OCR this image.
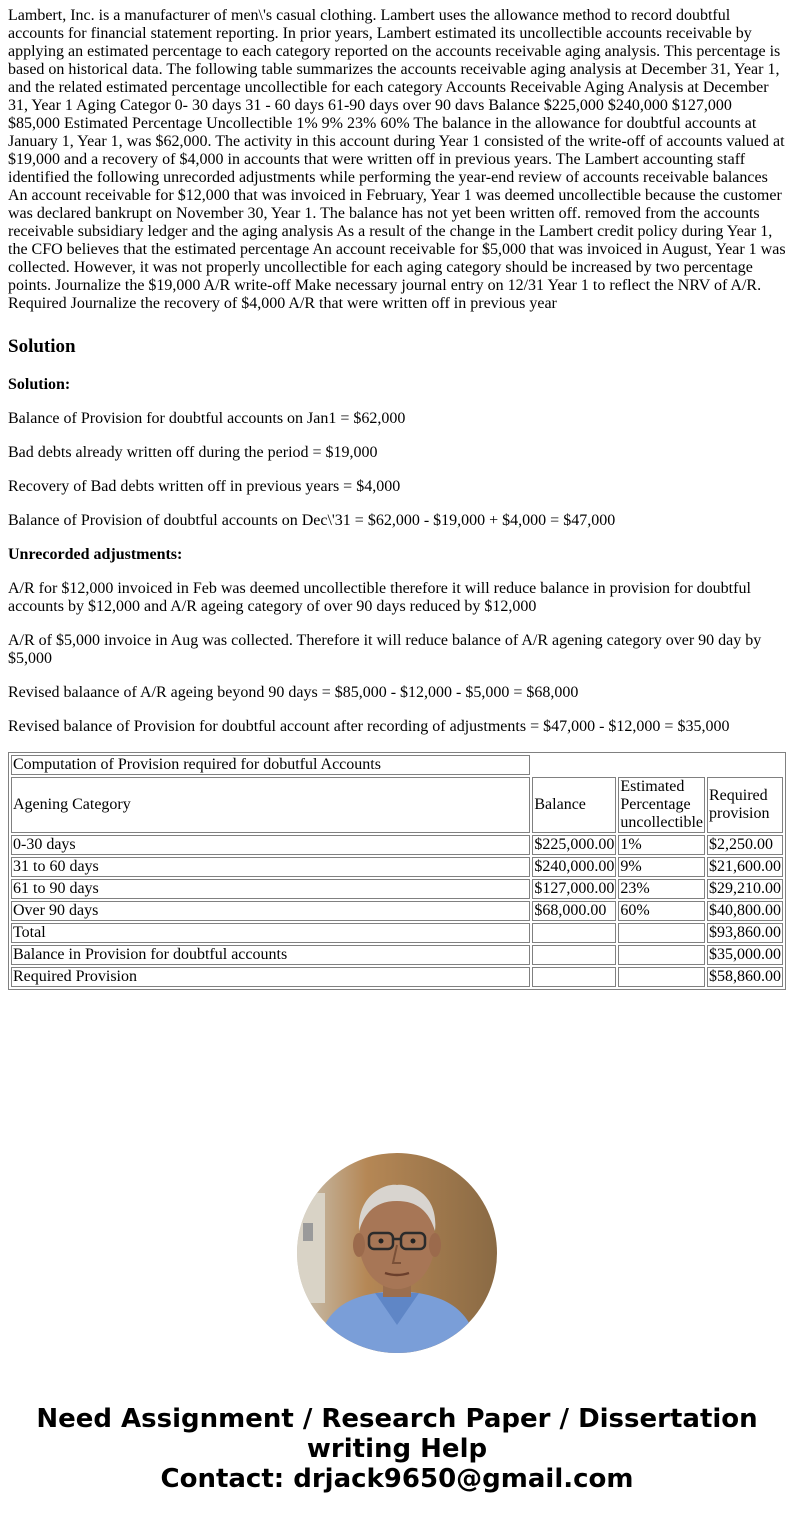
Lambert, Inc. is a manufacturer of men\'s casual clothing. Lambert uses the allowance method to record doubtful accounts for financial statement reporting. In prior years, Lambert estimated its uncollectible accounts receivable by applying an estimated percentage to each category reported on the accounts receivable aging analysis. This percentage is based on historical data. The following table summarizes the accounts receivable aging analysis at December 31, Year 1, and the related estimated percentage uncollectible for each category Accounts Receivable Aging Analysis at December 31, Year 1 Aging Categor 0- 30 days 31 - 60 days 61-90 days over 90 davs Balance $225,000 $240,000 $127,000 $85,000 Estimated Percentage Uncollectible 1% 9% 23% 60% The balance in the allowance for doubtful accounts at January 1, Year 1, was $62,000. The activity in this account during Year 1 consisted of the write-off of accounts valued at $19,000 and a recovery of $4,000 in accounts that were written off in previous years. The Lambert accounting staff identified the following unrecorded adjustments while performing the year-end review of accounts receivable balances An account receivable for $12,000 that was invoiced in February, Year 1 was deemed uncollectible because the customer was declared bankrupt on November 30, Year 1. The balance has not yet been written off. removed from the accounts receivable subsidiary ledger and the aging analysis As a result of the change in the Lambert credit policy during Year 1, the CFO believes that the estimated percentage An account receivable for $5,000 that was invoiced in August, Year 1 was collected. However, it was not properly uncollectible for each aging category should be increased by two percentage points. Journalize the $19,000 A/R write-off Make necessary journal entry on 12/31 Year 1 to reflect the NRV of A/R. Required Journalize the recovery of $4,000 A/R that were written off in previous year

Solution

Solution:

Balance of Provision for doubtful accounts on Jan1 = $62,000

Bad debts already written off during the period = $19,000

Recovery of Bad debts written off in previous years = $4,000

Balance of Provision of doubtful accounts on Dec\'31 = $62,000 - $19,000 + $4,000 = $47,000

Unrecorded adjustments:

A/R for $12,000 invoiced in Feb was deemed uncollectible therefore it will reduce balance in provision for doubtful accounts by $12,000 and A/R ageing category of over 90 days reduced by $12,000

A/R of $5,000 invoice in Aug was collected. Therefore it will reduce balance of A/R agening category over 90 day by $5,000

Revised balaance of A/R ageing beyond 90 days = $85,000 - $12,000 - $5,000 = $68,000

Revised balance of Provision for doubtful account after recording of adjustments = $47,000 - $12,000 = $35,000

Computation of Provision required for dobutful Accounts			
Agening Category	Balance	Estimated Percentage uncollectible	Required provision
0-30 days	$225,000.00	1%	$2,250.00
31 to 60 days	$240,000.00	9%	$21,600.00
61 to 90 days	$127,000.00	23%	$29,210.00
Over 90 days	$68,000.00	60%	$40,800.00
Total			$93,860.00
Balance in Provision for doubtful accounts			$35,000.00
Required Provision			$58,860.00
Need Assignment / Research Paper / Dissertation writing Help
Contact: drjack9650@gmail.com
